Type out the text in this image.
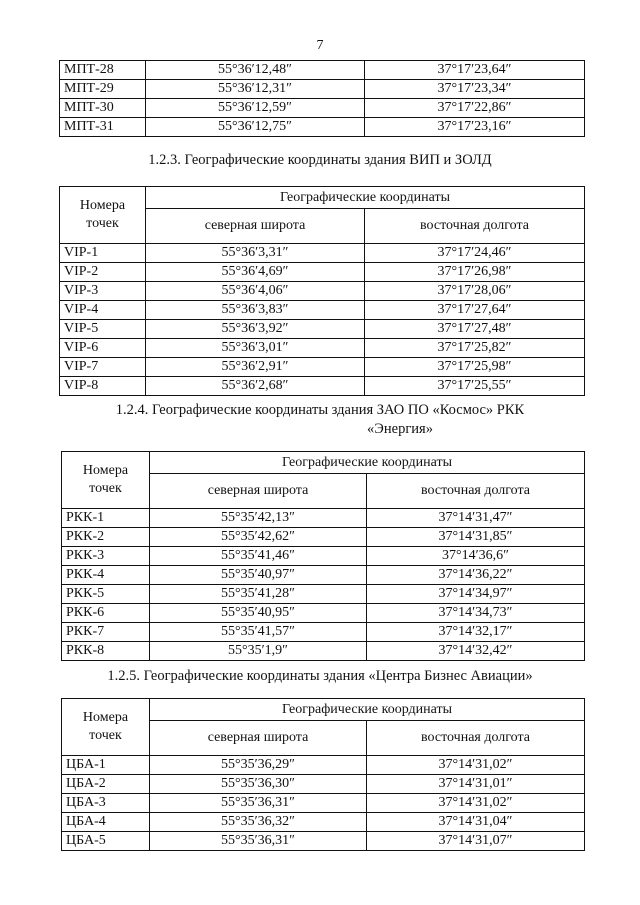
7
МПТ-28	55°36′12,48″	37°17′23,64″
МПТ-29	55°36′12,31″	37°17′23,34″
МПТ-30	55°36′12,59″	37°17′22,86″
МПТ-31	55°36′12,75″	37°17′23,16″
1.2.3. Географические координаты здания ВИП и ЗОЛД
Номера точек	Географические координаты	
	северная широта	восточная долгота
VIP-1	55°36′3,31″	37°17′24,46″
VIP-2	55°36′4,69″	37°17′26,98″
VIP-3	55°36′4,06″	37°17′28,06″
VIP-4	55°36′3,83″	37°17′27,64″
VIP-5	55°36′3,92″	37°17′27,48″
VIP-6	55°36′3,01″	37°17′25,82″
VIP-7	55°36′2,91″	37°17′25,98″
VIP-8	55°36′2,68″	37°17′25,55″
1.2.4. Географические координаты здания ЗАО ПО «Космос» РКК
«Энергия»
Номера точек	Географические координаты	
	северная широта	восточная долгота
РКК-1	55°35′42,13″	37°14′31,47″
РКК-2	55°35′42,62″	37°14′31,85″
РКК-3	55°35′41,46″	37°14′36,6″
РКК-4	55°35′40,97″	37°14′36,22″
РКК-5	55°35′41,28″	37°14′34,97″
РКК-6	55°35′40,95″	37°14′34,73″
РКК-7	55°35′41,57″	37°14′32,17″
РКК-8	55°35′1,9″	37°14′32,42″
1.2.5. Географические координаты здания «Центра Бизнес Авиации»
Номера точек	Географические координаты	
	северная широта	восточная долгота
ЦБА-1	55°35′36,29″	37°14′31,02″
ЦБА-2	55°35′36,30″	37°14′31,01″
ЦБА-3	55°35′36,31″	37°14′31,02″
ЦБА-4	55°35′36,32″	37°14′31,04″
ЦБА-5	55°35′36,31″	37°14′31,07″
